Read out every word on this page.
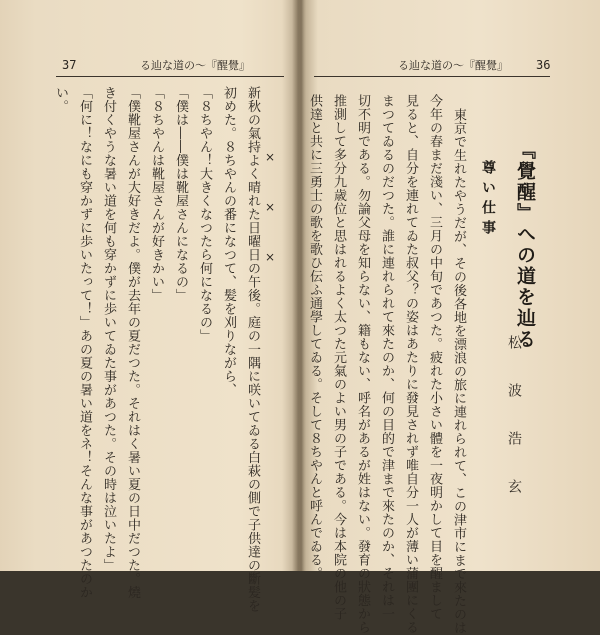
37	る辿な道の〜『醒覺』
新秋の氣持よく晴れた日曜日の午後。庭の一隅に咲いてゐる白萩の側で子供達の斷髪を
初めた。８ちやんの番になつて、髪を刈りながら、
「８ちやん！大きくなつたら何になるの」
「僕は――僕は靴屋さんになるの」
「８ちやんは靴屋さんが好きかい」
「僕靴屋さんが大好きだよ。僕が去年の夏だつた。それはく暑い夏の日中だつた。燒
き付くやうな暑い道を何も穿かずに歩いてゐた事があつた。その時は泣いたよ」
「何に！なにも穿かずに歩いたって！」あの夏の暑い道をネ！そんな事があつたのか
い。
×　　　×　　　×
る辿な道の〜『醒覺』 36
『覺醒』への道を辿る
松　波　浩　玄
尊い仕事
東京で生れたやうだが、その後各地を漂浪の旅に連れられて、この津市にまで來たのは
今年の春まだ淺い、三月の中旬であつた。疲れた小さい體を一夜明かして目を醒まして
見ると、自分を連れてゐた叔父？の姿はあたりに發見されず唯自分一人が薄い蒲團にくる
まつてゐるのだつた。誰に連れられて來たのか、何の目的で津まで來たのか、それは一
切不明である。勿論父母を知らない、籍もない、呼名があるが姓はない。發育の狀態から
推測して多分九歳位と思はれるよく太つた元氣のよい男の子である。今は本院の他の子
供達と共に三勇士の歌を歌ひ伝ふ通學してゐる。そして８ちやんと呼んでゐる。
